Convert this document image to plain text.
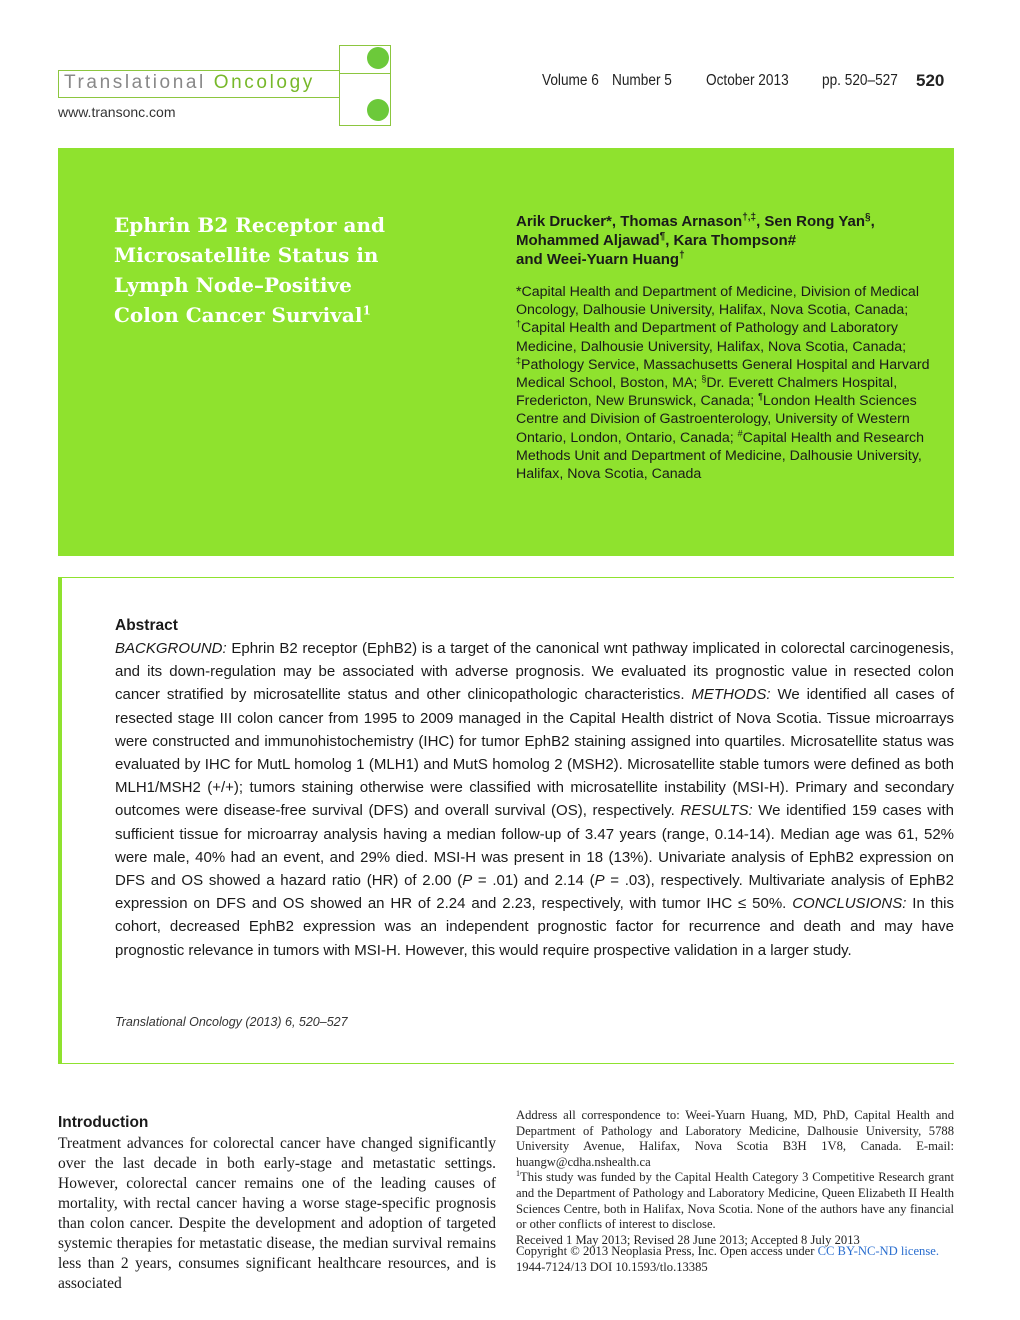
Translational Oncology
www.transonc.com
Volume 6 Number 5 October 2013 pp. 520–527 520
Ephrin B2 Receptor and
Microsatellite Status in
Lymph Node–Positive
Colon Cancer Survival$^1$
Arik Drucker*, Thomas Arnason†,‡, Sen Rong Yan§,
Mohammed Aljawad¶, Kara Thompson#
and Weei-Yuarn Huang†
*Capital Health and Department of Medicine, Division of Medical Oncology, Dalhousie University, Halifax, Nova Scotia, Canada; †Capital Health and Department of Pathology and Laboratory Medicine, Dalhousie University, Halifax, Nova Scotia, Canada; ‡Pathology Service, Massachusetts General Hospital and Harvard Medical School, Boston, MA; §Dr. Everett Chalmers Hospital, Fredericton, New Brunswick, Canada; ¶London Health Sciences Centre and Division of Gastroenterology, University of Western Ontario, London, Ontario, Canada; #Capital Health and Research Methods Unit and Department of Medicine, Dalhousie University, Halifax, Nova Scotia, Canada
Abstract
BACKGROUND: Ephrin B2 receptor (EphB2) is a target of the canonical wnt pathway implicated in colorectal carcinogenesis, and its down-regulation may be associated with adverse prognosis. We evaluated its prognostic value in resected colon cancer stratified by microsatellite status and other clinicopathologic characteristics. METHODS: We identified all cases of resected stage III colon cancer from 1995 to 2009 managed in the Capital Health district of Nova Scotia. Tissue microarrays were constructed and immunohistochemistry (IHC) for tumor EphB2 staining assigned into quartiles. Microsatellite status was evaluated by IHC for MutL homolog 1 (MLH1) and MutS homolog 2 (MSH2). Microsatellite stable tumors were defined as both MLH1/MSH2 (+/+); tumors staining otherwise were classified with microsatellite instability (MSI-H). Primary and secondary outcomes were disease-free survival (DFS) and overall survival (OS), respectively. RESULTS: We identified 159 cases with sufficient tissue for microarray analysis having a median follow-up of 3.47 years (range, 0.14-14). Median age was 61, 52% were male, 40% had an event, and 29% died. MSI-H was present in 18 (13%). Univariate analysis of EphB2 expression on DFS and OS showed a hazard ratio (HR) of 2.00 (P = .01) and 2.14 (P = .03), respectively. Multivariate analysis of EphB2 expression on DFS and OS showed an HR of 2.24 and 2.23, respectively, with tumor IHC ≤ 50%. CONCLUSIONS: In this cohort, decreased EphB2 expression was an independent prognostic factor for recurrence and death and may have prognostic relevance in tumors with MSI-H. However, this would require prospective validation in a larger study.
Translational Oncology (2013) 6, 520–527
Introduction
Treatment advances for colorectal cancer have changed significantly over the last decade in both early-stage and metastatic settings. However, colorectal cancer remains one of the leading causes of mortality, with rectal cancer having a worse stage-specific prognosis than colon cancer. Despite the development and adoption of targeted systemic therapies for metastatic disease, the median survival remains less than 2 years, consumes significant healthcare resources, and is associated

Address all correspondence to: Weei-Yuarn Huang, MD, PhD, Capital Health and Department of Pathology and Laboratory Medicine, Dalhousie University, 5788 University Avenue, Halifax, Nova Scotia B3H 1V8, Canada. E-mail: huangw@cdha.nshealth.ca

$^1$This study was funded by the Capital Health Category 3 Competitive Research grant and the Department of Pathology and Laboratory Medicine, Queen Elizabeth II Health Sciences Centre, both in Halifax, Nova Scotia. None of the authors have any financial or other conflicts of interest to disclose.

Received 1 May 2013; Revised 28 June 2013; Accepted 8 July 2013

Copyright © 2013 Neoplasia Press, Inc. Open access under CC BY-NC-ND license.
1944-7124/13 DOI 10.1593/tlo.13385
